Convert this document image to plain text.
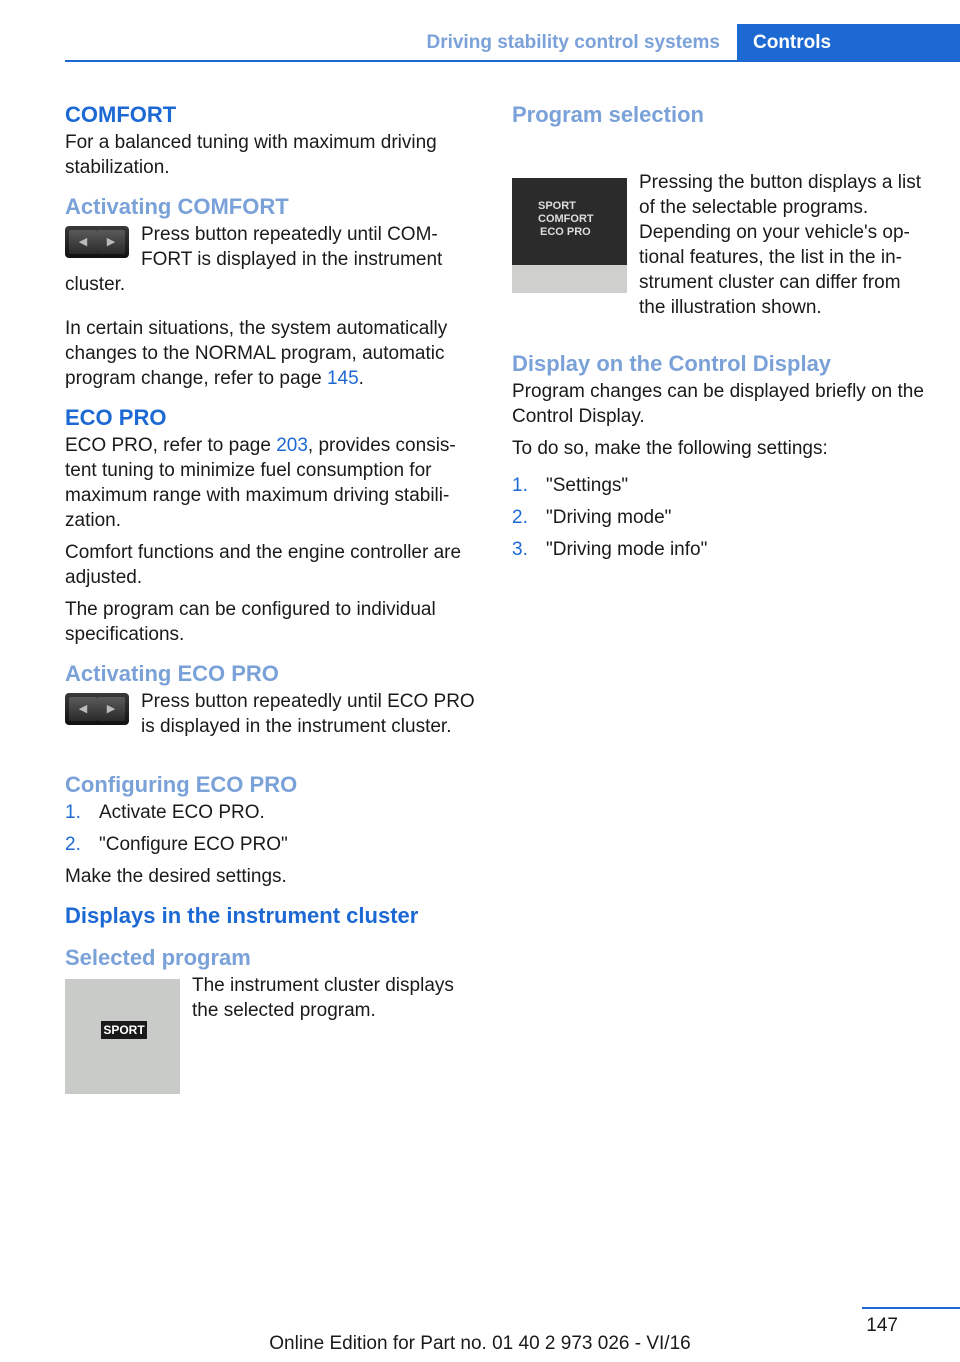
Driving stability control systems Controls
COMFORT

For a balanced tuning with maximum driving stabilization.

Activating COMFORT
◀	▶	Press button repeatedly until COM- FORT is displayed in the instrument cluster.

In certain situations, the system automatically changes to the NORMAL program, automatic program change, refer to page 145.

ECO PRO

ECO PRO, refer to page 203, provides consis- tent tuning to minimize fuel consumption for maximum range with maximum driving stabili- zation.

Comfort functions and the engine controller are adjusted.

The program can be configured to individual specifications.

Activating ECO PRO
◀	▶	Press button repeatedly until ECO PRO is displayed in the instrument cluster.

Configuring ECO PRO
1. Activate ECO PRO.
2. "Configure ECO PRO"

Make the desired settings.

Displays in the instrument cluster
Selected program
SPORT

The instrument cluster displays the selected program.

Program selection
SPORT
COMFORT
ECO PRO

Pressing the button displays a list of the selectable programs. Depending on your vehicle's op- tional features, the list in the in- strument cluster can differ from the illustration shown.

Display on the Control Display

Program changes can be displayed briefly on the Control Display.

To do so, make the following settings:

1. "Settings"
2. "Driving mode"
3. "Driving mode info"
147
Online Edition for Part no. 01 40 2 973 026 - VI/16
